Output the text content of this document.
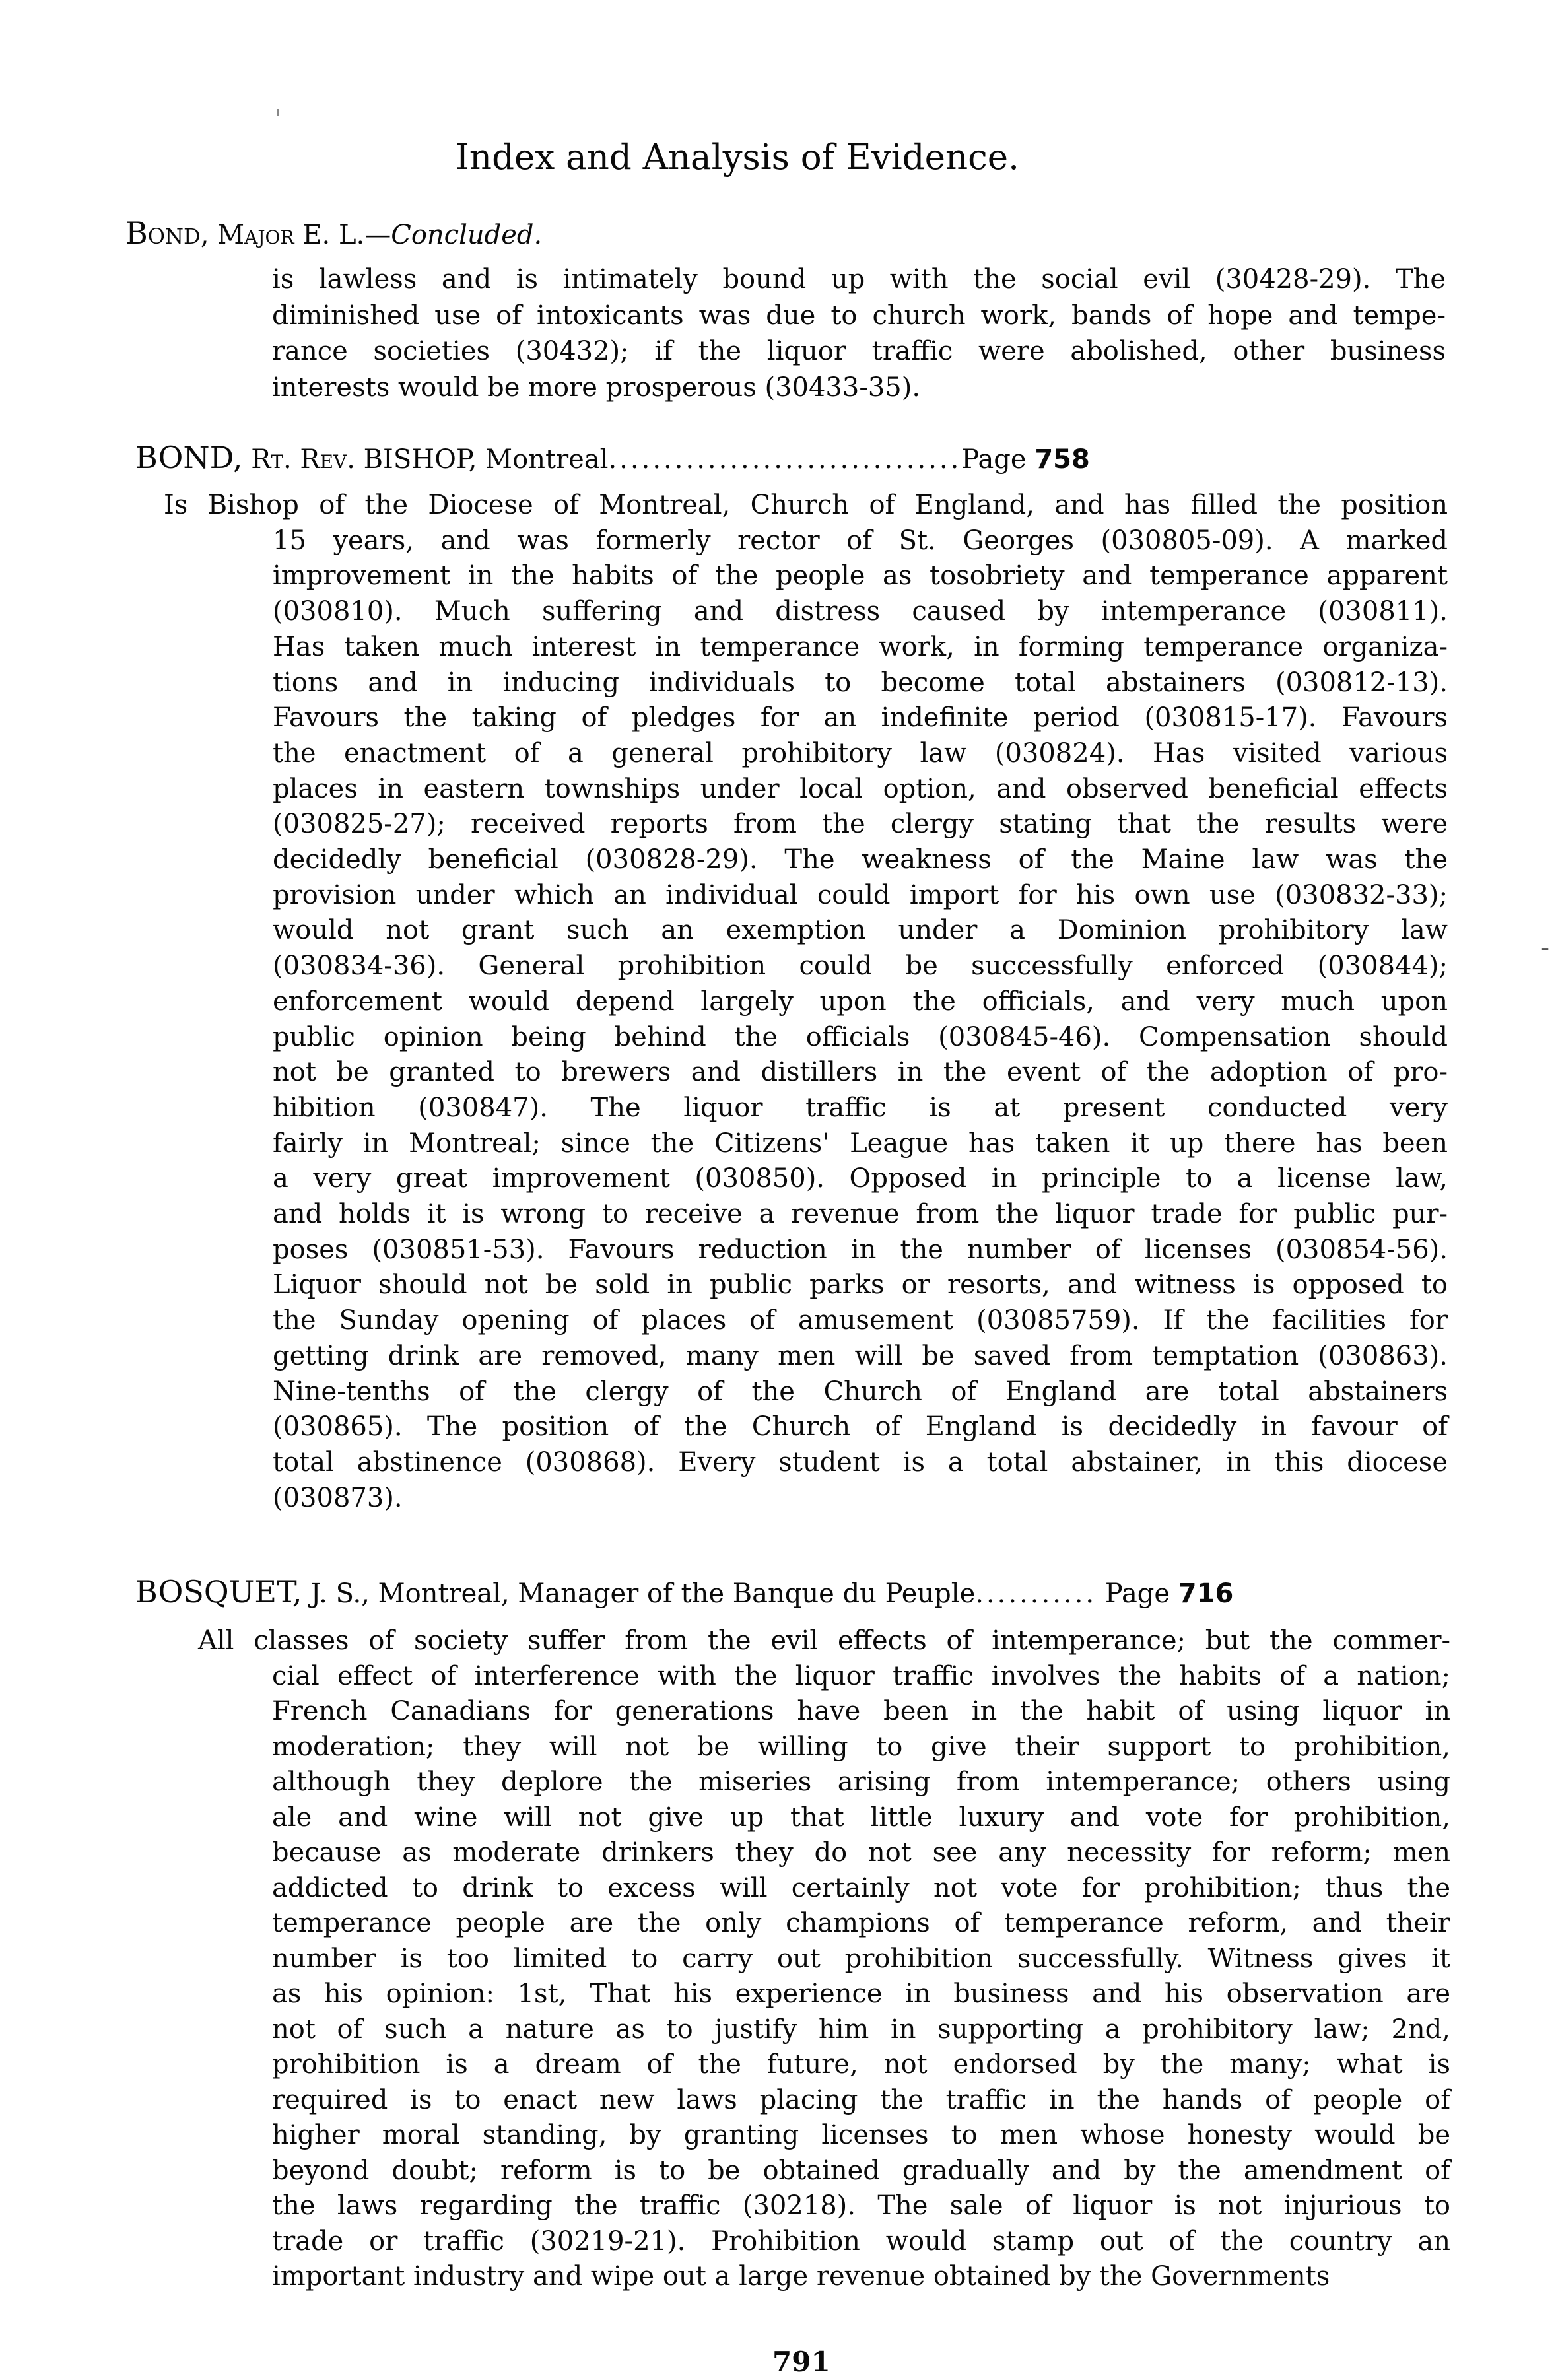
Index and Analysis of Evidence.
Bond, Major E. L.—Concluded.
is lawless and is intimately bound up with the social evil (30428-29). The
diminished use of intoxicants was due to church work, bands of hope and tempe-
rance societies (30432); if the liquor traffic were abolished, other business
interests would be more prosperous (30433-35).
BOND, Rt. Rev. BISHOP, Montreal................................Page 758
Is Bishop of the Diocese of Montreal, Church of England, and has filled the position
15 years, and was formerly rector of St. Georges (030805-09). A marked
improvement in the habits of the people as tosobriety and temperance apparent
(030810). Much suffering and distress caused by intemperance (030811).
Has taken much interest in temperance work, in forming temperance organiza-
tions and in inducing individuals to become total abstainers (030812-13).
Favours the taking of pledges for an indefinite period (030815-17). Favours
the enactment of a general prohibitory law (030824). Has visited various
places in eastern townships under local option, and observed beneficial effects
(030825-27); received reports from the clergy stating that the results were
decidedly beneficial (030828-29). The weakness of the Maine law was the
provision under which an individual could import for his own use (030832-33);
would not grant such an exemption under a Dominion prohibitory law
(030834-36). General prohibition could be successfully enforced (030844);
enforcement would depend largely upon the officials, and very much upon
public opinion being behind the officials (030845-46). Compensation should
not be granted to brewers and distillers in the event of the adoption of pro-
hibition (030847). The liquor traffic is at present conducted very
fairly in Montreal; since the Citizens' League has taken it up there has been
a very great improvement (030850). Opposed in principle to a license law,
and holds it is wrong to receive a revenue from the liquor trade for public pur-
poses (030851-53). Favours reduction in the number of licenses (030854-56).
Liquor should not be sold in public parks or resorts, and witness is opposed to
the Sunday opening of places of amusement (03085759). If the facilities for
getting drink are removed, many men will be saved from temptation (030863).
Nine-tenths of the clergy of the Church of England are total abstainers
(030865). The position of the Church of England is decidedly in favour of
total abstinence (030868). Every student is a total abstainer, in this diocese
(030873).
BOSQUET, J. S., Montreal, Manager of the Banque du Peuple........... Page 716
All classes of society suffer from the evil effects of intemperance; but the commer-
cial effect of interference with the liquor traffic involves the habits of a nation;
French Canadians for generations have been in the habit of using liquor in
moderation; they will not be willing to give their support to prohibition,
although they deplore the miseries arising from intemperance; others using
ale and wine will not give up that little luxury and vote for prohibition,
because as moderate drinkers they do not see any necessity for reform; men
addicted to drink to excess will certainly not vote for prohibition; thus the
temperance people are the only champions of temperance reform, and their
number is too limited to carry out prohibition successfully. Witness gives it
as his opinion: 1st, That his experience in business and his observation are
not of such a nature as to justify him in supporting a prohibitory law; 2nd,
prohibition is a dream of the future, not endorsed by the many; what is
required is to enact new laws placing the traffic in the hands of people of
higher moral standing, by granting licenses to men whose honesty would be
beyond doubt; reform is to be obtained gradually and by the amendment of
the laws regarding the traffic (30218). The sale of liquor is not injurious to
trade or traffic (30219-21). Prohibition would stamp out of the country an
important industry and wipe out a large revenue obtained by the Governments
‑
791
